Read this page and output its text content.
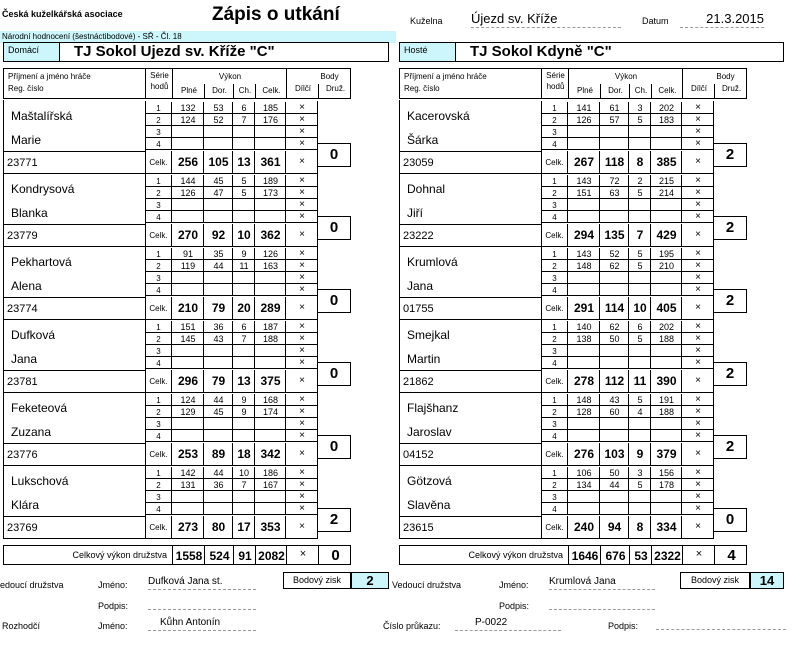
Česká kuželkářská asociace	Zápis o utkání
Národní hodnocení (šestnáctibodové) - SŘ - Čl. 18
Kuželna Újezd sv. Kříže	Datum	21.3.2015
Domácí	TJ Sokol Ujezd sv. Kříže "C"	Hosté	TJ Sokol Kdyně "C"
Příjmení a jméno hráče
Reg. číslo
Série
hodů
Výkon
Plné	Dor.	Ch.	Celk.
Body
Dílčí	Druž.
Příjmení a jméno hráče
Reg. číslo
Série
hodů
Výkon
Plné	Dor.	Ch.	Celk.
Body
Dílčí	Druž.
1	132	53	6	185	×
2	124	52	7	176	×
3	×
4	×
Celk. 256 105 13 361	×
Maštalířská
Marie
23771	0
1	144	45	5	189	×
2	126	47	5	173	×
3	×
4	×
Celk. 270	92	10 362	×
Kondrysová
Blanka
23779	0
1	91	35	9	126	×
2	119	44	11	163	×
3	×
4	×
Celk. 210	79	20 289	×
Pekhartová
Alena
23774	0
1	151	36	6	187	×
2	145	43	7	188	×
3	×
4	×
Celk. 296	79	13 375	×
Dufková
Jana
23781	0
1	124	44	9	168	×
2	129	45	9	174	×
3	×
4	×
Celk. 253	89	18 342	×
Feketeová
Zuzana
23776	0
1	142	44	10	186	×
2	131	36	7	167	×
3	×
4	×
Celk. 273	80	17 353	×
Lukschová
Klára
23769	2
Celkový výkon družstva 1558 524 91 2082	×	0
1	141	61	3	202	×
2	126	57	5	183	×
3	×
4	×
Celk. 267 118	8	385	×
Kacerovská
Šárka
23059	2
1	143	72	2	215	×
2	151	63	5	214	×
3	×
4	×
Celk. 294 135	7	429	×
Dohnal
Jiří
23222	2
1	143	52	5	195	×
2	148	62	5	210	×
3	×
4	×
Celk. 291 114 10 405	×
Krumlová
Jana
01755	2
1	140	62	6	202	×
2	138	50	5	188	×
3	×
4	×
Celk. 278 112 11 390	×
Smejkal
Martin
21862	2
1	148	43	5	191	×
2	128	60	4	188	×
3	×
4	×
Celk. 276 103	9	379	×
Flajšhanz
Jaroslav
04152	2
1	106	50	3	156	×
2	134	44	5	178	×
3	×
4	×
Celk. 240	94	8	334	×
Götzová
Slavěna
23615	0
Celkový výkon družstva 1646 676 53 2322	×	4
edoucí družstva	Jméno: Dufková Jana st.
Podpis:
Bodový zisk	2	Vedoucí družstva	Jméno: Krumlová Jana
Podpis:
Bodový zisk	14
Rozhodčí	Jméno:	Kůhn Antonín	Číslo průkazu:	P-0022	Podpis:
